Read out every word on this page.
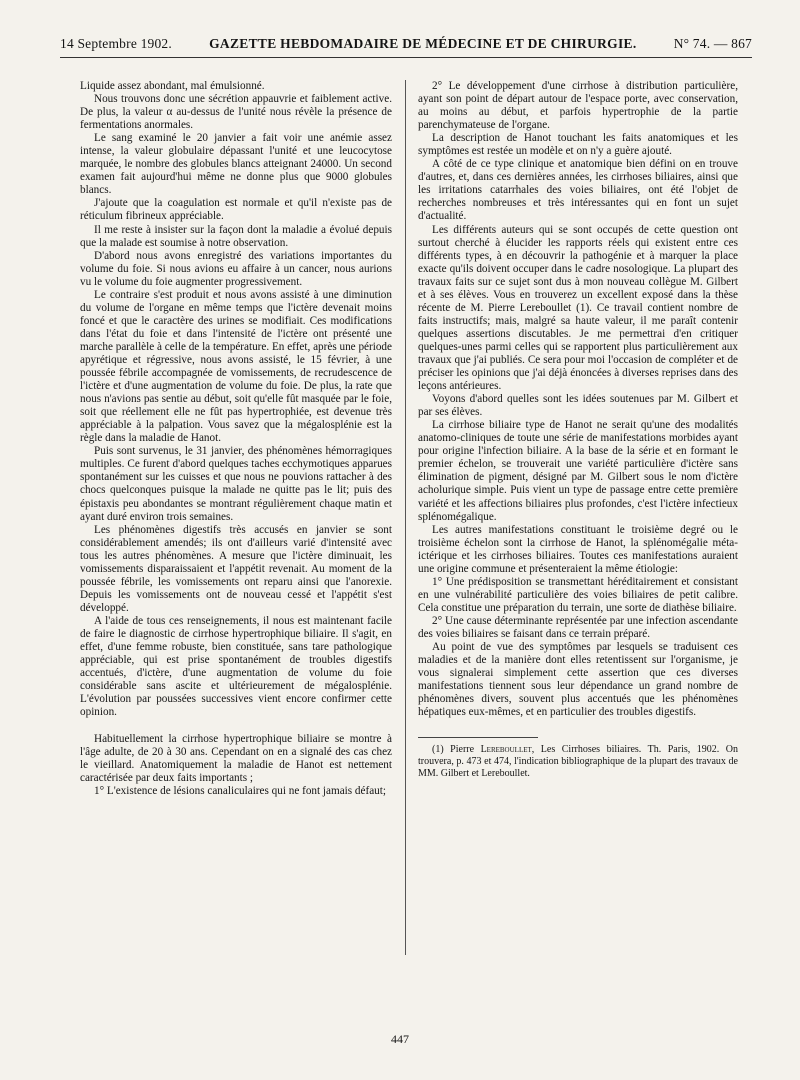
14 Septembre 1902.	GAZETTE HEBDOMADAIRE DE MÉDECINE ET DE CHIRURGIE.	N° 74. — 867

Liquide assez abondant, mal émulsionné.

Nous trouvons donc une sécrétion appauvrie et faiblement active. De plus, la valeur α au-dessus de l'unité nous révèle la présence de fermentations anormales.

Le sang examiné le 20 janvier a fait voir une anémie assez intense, la valeur globulaire dépassant l'unité et une leucocytose marquée, le nombre des globules blancs atteignant 24000. Un second examen fait aujourd'hui même ne donne plus que 9000 globules blancs.

J'ajoute que la coagulation est normale et qu'il n'existe pas de réticulum fibrineux appréciable.

Il me reste à insister sur la façon dont la maladie a évolué depuis que la malade est soumise à notre observation.

D'abord nous avons enregistré des variations importantes du volume du foie. Si nous avions eu affaire à un cancer, nous aurions vu le volume du foie augmenter progressivement.

Le contraire s'est produit et nous avons assisté à une diminution du volume de l'organe en même temps que l'ictère devenait moins foncé et que le caractère des urines se modifiait. Ces modifications dans l'état du foie et dans l'intensité de l'ictère ont présenté une marche parallèle à celle de la température. En effet, après une période apyrétique et régressive, nous avons assisté, le 15 février, à une poussée fébrile accompagnée de vomissements, de recrudescence de l'ictère et d'une augmentation de volume du foie. De plus, la rate que nous n'avions pas sentie au début, soit qu'elle fût masquée par le foie, soit que réellement elle ne fût pas hypertrophiée, est devenue très appréciable à la palpation. Vous savez que la mégalosplénie est la règle dans la maladie de Hanot.

Puis sont survenus, le 31 janvier, des phénomènes hémorragiques multiples. Ce furent d'abord quelques taches ecchymotiques apparues spontanément sur les cuisses et que nous ne pouvions rattacher à des chocs quelconques puisque la malade ne quitte pas le lit; puis des épistaxis peu abondantes se montrant régulièrement chaque matin et ayant duré environ trois semaines.

Les phénomènes digestifs très accusés en janvier se sont considérablement amendés; ils ont d'ailleurs varié d'intensité avec tous les autres phénomènes. A mesure que l'ictère diminuait, les vomissements disparaissaient et l'appétit revenait. Au moment de la poussée fébrile, les vomissements ont reparu ainsi que l'anorexie. Depuis les vomissements ont de nouveau cessé et l'appétit s'est développé.

A l'aide de tous ces renseignements, il nous est maintenant facile de faire le diagnostic de cirrhose hypertrophique biliaire. Il s'agit, en effet, d'une femme robuste, bien constituée, sans tare pathologique appréciable, qui est prise spontanément de troubles digestifs accentués, d'ictère, d'une augmentation de volume du foie considérable sans ascite et ultérieurement de mégalosplénie. L'évolution par poussées successives vient encore confirmer cette opinion.

Habituellement la cirrhose hypertrophique biliaire se montre à l'âge adulte, de 20 à 30 ans. Cependant on en a signalé des cas chez le vieillard. Anatomiquement la maladie de Hanot est nettement caractérisée par deux faits importants ;

1° L'existence de lésions canaliculaires qui ne font jamais défaut;

2° Le développement d'une cirrhose à distribution particulière, ayant son point de départ autour de l'espace porte, avec conservation, au moins au début, et parfois hypertrophie de la partie parenchymateuse de l'organe.

La description de Hanot touchant les faits anatomiques et les symptômes est restée un modèle et on n'y a guère ajouté.

A côté de ce type clinique et anatomique bien défini on en trouve d'autres, et, dans ces dernières années, les cirrhoses biliaires, ainsi que les irritations catarrhales des voies biliaires, ont été l'objet de recherches nombreuses et très intéressantes qui en font un sujet d'actualité.

Les différents auteurs qui se sont occupés de cette question ont surtout cherché à élucider les rapports réels qui existent entre ces différents types, à en découvrir la pathogénie et à marquer la place exacte qu'ils doivent occuper dans le cadre nosologique. La plupart des travaux faits sur ce sujet sont dus à mon nouveau collègue M. Gilbert et à ses élèves. Vous en trouverez un excellent exposé dans la thèse récente de M. Pierre Lereboullet (1). Ce travail contient nombre de faits instructifs; mais, malgré sa haute valeur, il me paraît contenir quelques assertions discutables. Je me permettrai d'en critiquer quelques-unes parmi celles qui se rapportent plus particulièrement aux travaux que j'ai publiés. Ce sera pour moi l'occasion de compléter et de préciser les opinions que j'ai déjà énoncées à diverses reprises dans des leçons antérieures.

Voyons d'abord quelles sont les idées soutenues par M. Gilbert et par ses élèves.

La cirrhose biliaire type de Hanot ne serait qu'une des modalités anatomo-cliniques de toute une série de manifestations morbides ayant pour origine l'infection biliaire. A la base de la série et en formant le premier échelon, se trouverait une variété particulière d'ictère sans élimination de pigment, désigné par M. Gilbert sous le nom d'ictère acholurique simple. Puis vient un type de passage entre cette première variété et les affections biliaires plus profondes, c'est l'ictère infectieux splénomégalique.

Les autres manifestations constituant le troisième degré ou le troisième échelon sont la cirrhose de Hanot, la splénomégalie méta-ictérique et les cirrhoses biliaires. Toutes ces manifestations auraient une origine commune et présenteraient la même étiologie:

1° Une prédisposition se transmettant héréditairement et consistant en une vulnérabilité particulière des voies biliaires de petit calibre. Cela constitue une préparation du terrain, une sorte de diathèse biliaire.

2° Une cause déterminante représentée par une infection ascendante des voies biliaires se faisant dans ce terrain préparé.

Au point de vue des symptômes par lesquels se traduisent ces maladies et de la manière dont elles retentissent sur l'organisme, je vous signalerai simplement cette assertion que ces diverses manifestations tiennent sous leur dépendance un grand nombre de phénomènes divers, souvent plus accentués que les phénomènes hépatiques eux-mêmes, et en particulier des troubles digestifs.

(1) Pierre Lereboullet, Les Cirrhoses biliaires. Th. Paris, 1902. On trouvera, p. 473 et 474, l'indication bibliographique de la plupart des travaux de MM. Gilbert et Lereboullet.

447
